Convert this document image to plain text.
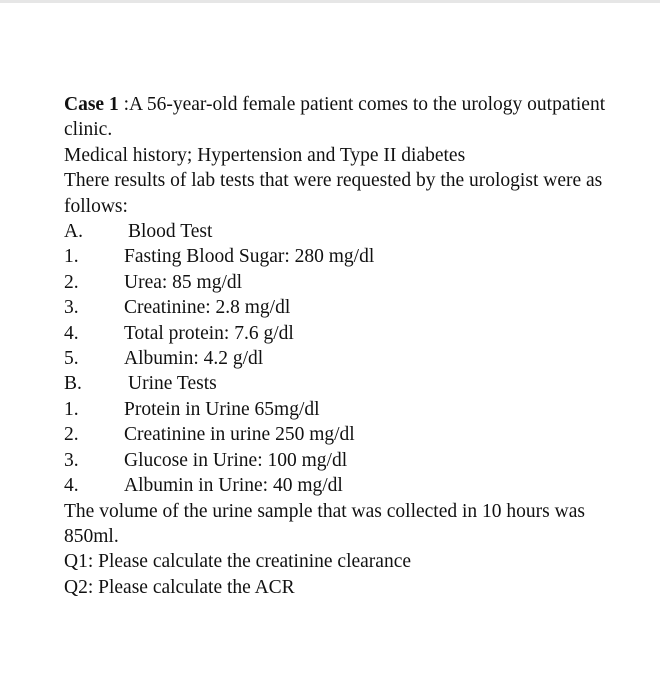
Case 1 :A 56-year-old female patient comes to the urology outpatient clinic.

Medical history; Hypertension and Type II diabetes

There results of lab tests that were requested by the urologist were as follows:

A.	Blood Test
1.	Fasting Blood Sugar: 280 mg/dl
2.	Urea: 85 mg/dl
3.	Creatinine: 2.8 mg/dl
4.	Total protein: 7.6 g/dl
5.	Albumin: 4.2 g/dl
B.	Urine Tests
1.	Protein in Urine 65mg/dl
2.	Creatinine in urine 250 mg/dl
3.	Glucose in Urine: 100 mg/dl
4.	Albumin in Urine: 40 mg/dl

The volume of the urine sample that was collected in 10 hours was 850ml.

Q1: Please calculate the creatinine clearance

Q2: Please calculate the ACR
